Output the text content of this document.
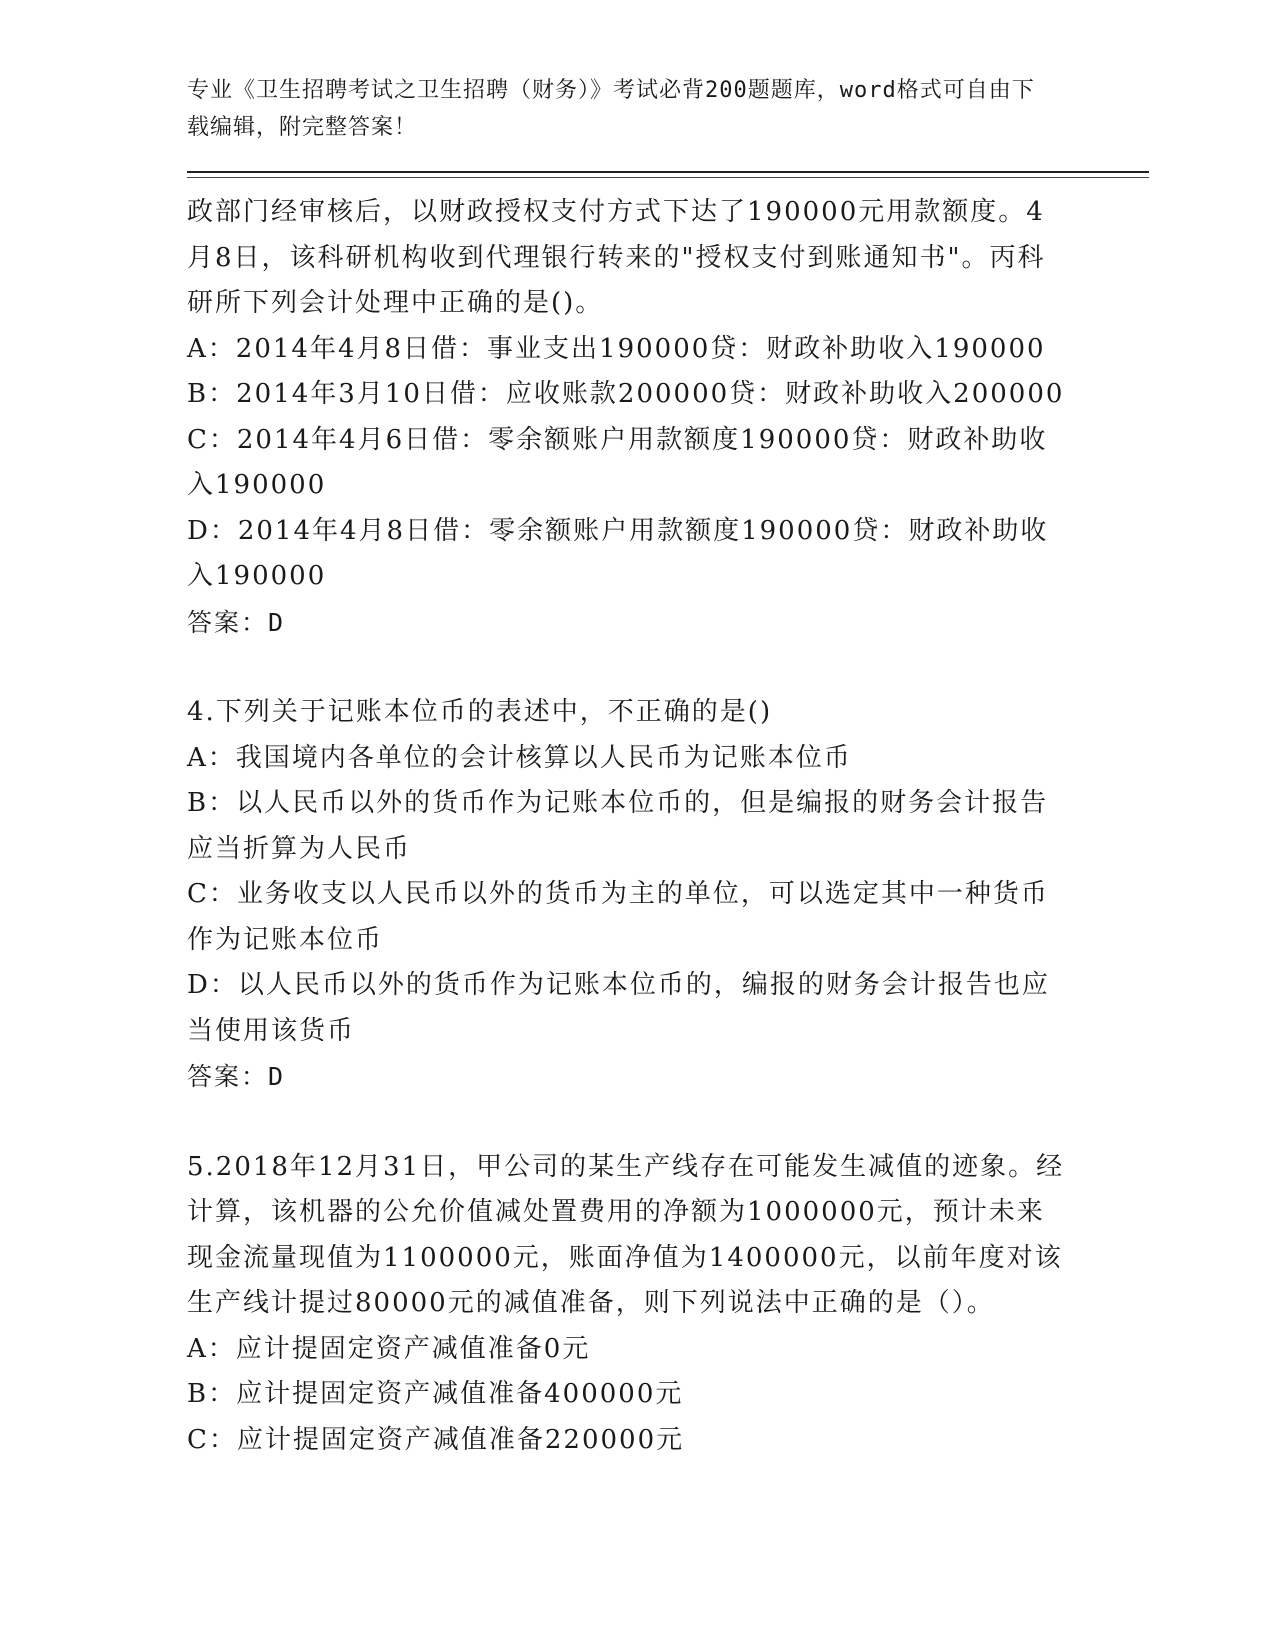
专业《卫生招聘考试之卫生招聘（财务）》考试必背200题题库，word格式可自由下载编辑，附完整答案！

政部门经审核后，以财政授权支付方式下达了190000元用款额度。4月8日，该科研机构收到代理银行转来的"授权支付到账通知书"。丙科研所下列会计处理中正确的是()。

A：2014年4月8日借：事业支出190000贷：财政补助收入190000

B：2014年3月10日借：应收账款200000贷：财政补助收入200000

C：2014年4月6日借：零余额账户用款额度190000贷：财政补助收入190000

D：2014年4月8日借：零余额账户用款额度190000贷：财政补助收入190000

答案：D

4.下列关于记账本位币的表述中，不正确的是()

A：我国境内各单位的会计核算以人民币为记账本位币

B：以人民币以外的货币作为记账本位币的，但是编报的财务会计报告应当折算为人民币

C：业务收支以人民币以外的货币为主的单位，可以选定其中一种货币作为记账本位币

D：以人民币以外的货币作为记账本位币的，编报的财务会计报告也应当使用该货币

答案：D

5.2018年12月31日，甲公司的某生产线存在可能发生减值的迹象。经计算，该机器的公允价值减处置费用的净额为1000000元，预计未来现金流量现值为1100000元，账面净值为1400000元，以前年度对该生产线计提过80000元的减值准备，则下列说法中正确的是（）。

A：应计提固定资产减值准备0元

B：应计提固定资产减值准备400000元

C：应计提固定资产减值准备220000元
